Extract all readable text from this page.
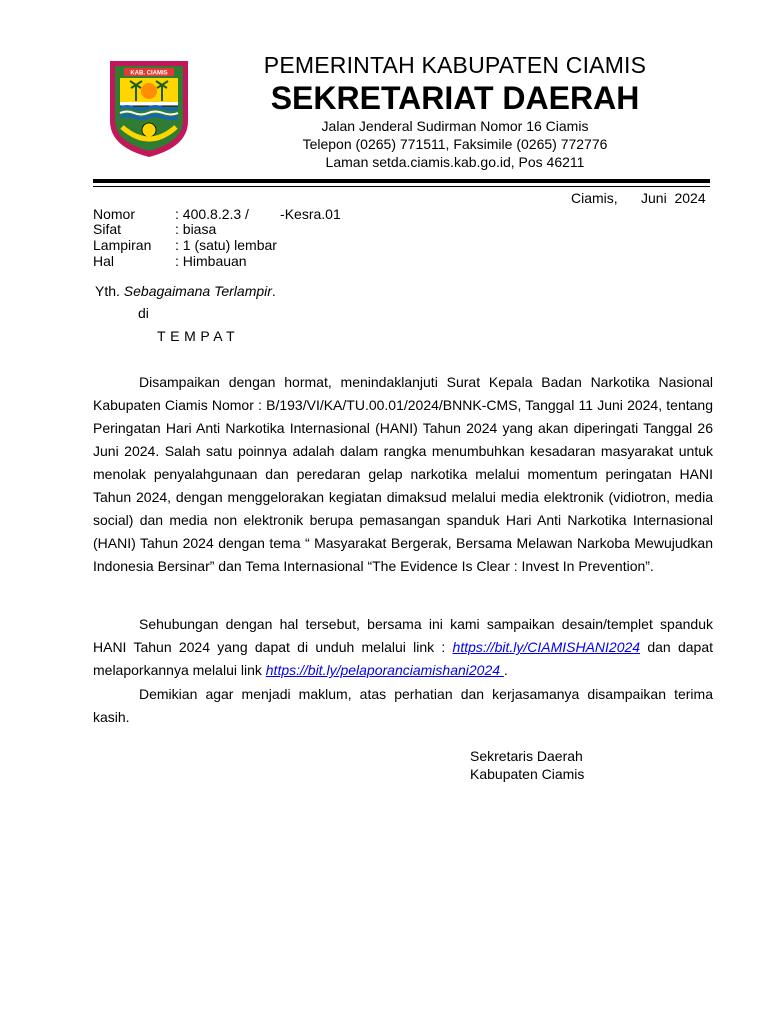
KAB. CIAMIS	PEMERINTAH KABUPATEN CIAMIS
SEKRETARIAT DAERAH
Jalan Jenderal Sudirman Nomor 16 Ciamis
Telepon (0265) 771511, Faksimile (0265) 772776
Laman setda.ciamis.kab.go.id, Pos 46211
Ciamis,      Juni  2024
Nomor	: 400.8.2.3 /        -Kesra.01
Sifat	: biasa
Lampiran : 1 (satu) lembar
Hal	: Himbauan
Yth. Sebagaimana Terlampir.
di
TEMPAT

Disampaikan dengan hormat, menindaklanjuti Surat Kepala Badan Narkotika Nasional Kabupaten Ciamis Nomor : B/193/VI/KA/TU.00.01/2024/BNNK-CMS, Tanggal 11 Juni 2024, tentang Peringatan Hari Anti Narkotika Internasional (HANI) Tahun 2024 yang akan diperingati Tanggal 26 Juni 2024. Salah satu poinnya adalah dalam rangka menumbuhkan kesadaran masyarakat untuk menolak penyalahgunaan dan peredaran gelap narkotika melalui momentum peringatan HANI Tahun 2024, dengan menggelorakan kegiatan dimaksud melalui media elektronik (vidiotron, media social) dan media non elektronik berupa pemasangan spanduk Hari Anti Narkotika Internasional (HANI) Tahun 2024 dengan tema “ Masyarakat Bergerak, Bersama Melawan Narkoba Mewujudkan Indonesia Bersinar” dan Tema Internasional “The Evidence Is Clear : Invest In Prevention”.

Sehubungan dengan hal tersebut, bersama ini kami sampaikan desain/templet spanduk HANI Tahun 2024 yang dapat di unduh melalui link : https://bit.ly/CIAMISHANI2024 dan dapat melaporkannya melalui link https://bit.ly/pelaporanciamishani2024 .

Demikian agar menjadi maklum, atas perhatian dan kerjasamanya disampaikan terima kasih.

Sekretaris Daerah
Kabupaten Ciamis
